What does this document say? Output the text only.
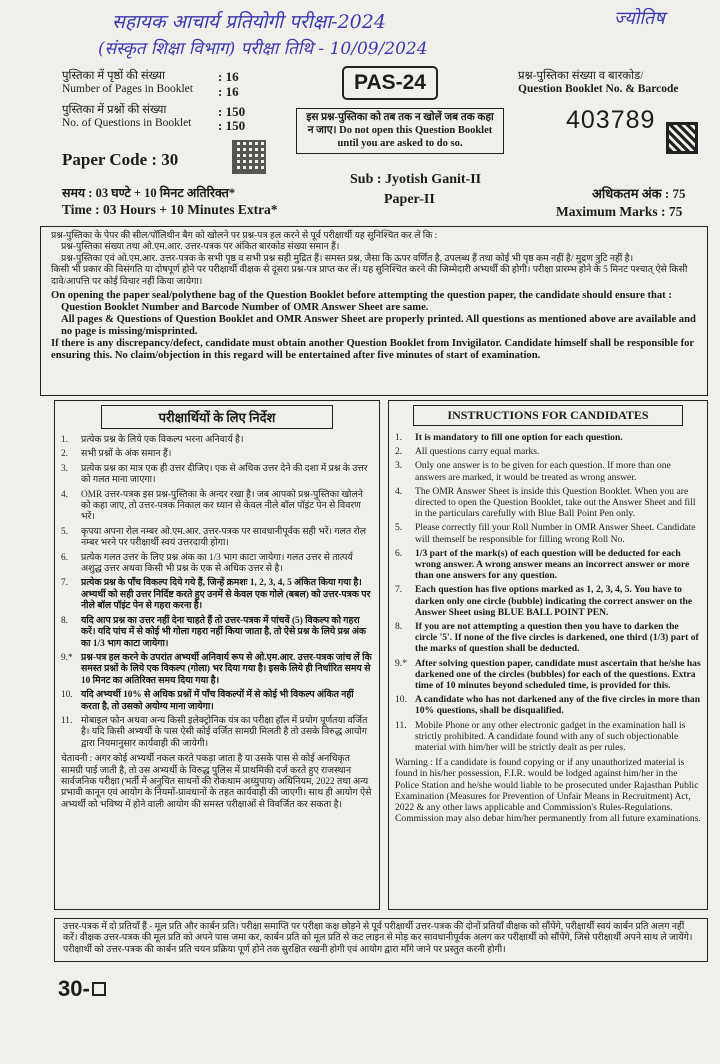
सहायक आचार्य प्रतियोगी परीक्षा-2024
(संस्कृत शिक्षा विभाग) परीक्षा तिथि - 10/09/2024
ज्योतिष
पुस्तिका में पृष्ठों की संख्या
Number of Pages in Booklet
: 16
: 16
पुस्तिका में प्रश्नों की संख्या
No. of Questions in Booklet
: 150
: 150
Paper Code : 30
PAS-24
इस प्रश्न-पुस्तिका को तब तक न खोलें जब तक कहा न जाए। Do not open this Question Booklet until you are asked to do so.
प्रश्न-पुस्तिका संख्या व बारकोड/
Question Booklet No. & Barcode
403789
समय : 03 घण्टे + 10 मिनट अतिरिक्त*
Time : 03 Hours + 10 Minutes Extra*
Sub : Jyotish Ganit-II
Paper-II	अधिकतम अंक : 75
Maximum Marks : 75
प्रश्न-पुस्तिका के पेपर की सील/पॉलिथीन बैग को खोलने पर प्रश्न-पत्र हल करने से पूर्व परीक्षार्थी यह सुनिश्चित कर लें कि :
प्रश्न-पुस्तिका संख्या तथा ओ.एम.आर. उत्तर-पत्रक पर अंकित बारकोड संख्या समान हैं।
प्रश्न-पुस्तिका एवं ओ.एम.आर. उत्तर-पत्रक के सभी पृष्ठ व सभी प्रश्न सही मुद्रित हैं। समस्त प्रश्न, जैसा कि ऊपर वर्णित है, उपलब्ध हैं तथा कोई भी पृष्ठ कम नहीं है/ मुद्रण त्रुटि नहीं है।
किसी भी प्रकार की विसंगति या दोषपूर्ण होने पर परीक्षार्थी वीक्षक से दूसरा प्रश्न-पत्र प्राप्त कर लें। यह सुनिश्चित करने की जिम्मेदारी अभ्यर्थी की होगी। परीक्षा प्रारम्भ होने के 5 मिनट पश्चात् ऐसे किसी दावे/आपत्ति पर कोई विचार नहीं किया जायेगा।
On opening the paper seal/polythene bag of the Question Booklet before attempting the question paper, the candidate should ensure that :
Question Booklet Number and Barcode Number of OMR Answer Sheet are same.
All pages & Questions of Question Booklet and OMR Answer Sheet are properly printed. All questions as mentioned above are available and no page is missing/misprinted.
If there is any discrepancy/defect, candidate must obtain another Question Booklet from Invigilator. Candidate himself shall be responsible for ensuring this. No claim/objection in this regard will be entertained after five minutes of start of examination.
परीक्षार्थियों के लिए निर्देश
1.	प्रत्येक प्रश्न के लिये एक विकल्प भरना अनिवार्य है।
2.	सभी प्रश्नों के अंक समान हैं।
3.	प्रत्येक प्रश्न का मात्र एक ही उत्तर दीजिए। एक से अधिक उत्तर देने की दशा में प्रश्न के उत्तर को गलत माना जाएगा।
4.	OMR उत्तर-पत्रक इस प्रश्न-पुस्तिका के अन्दर रखा है। जब आपको प्रश्न-पुस्तिका खोलने को कहा जाए, तो उत्तर-पत्रक निकाल कर ध्यान से केवल नीले बॉल पॉइंट पेन से विवरण भरें।
5.	कृपया अपना रोल नम्बर ओ.एम.आर. उत्तर-पत्रक पर सावधानीपूर्वक सही भरें। गलत रोल नम्बर भरने पर परीक्षार्थी स्वयं उत्तरदायी होगा।
6.	प्रत्येक गलत उत्तर के लिए प्रश्न अंक का 1/3 भाग काटा जायेगा। गलत उत्तर से तात्पर्य अशुद्ध उत्तर अथवा किसी भी प्रश्न के एक से अधिक उत्तर से है।
7.	प्रत्येक प्रश्न के पाँच विकल्प दिये गये हैं, जिन्हें क्रमशः 1, 2, 3, 4, 5 अंकित किया गया है। अभ्यर्थी को सही उत्तर निर्दिष्ट करते हुए उनमें से केवल एक गोले (बबल) को उत्तर-पत्रक पर नीले बॉल पॉइंट पेन से गहरा करना है।
8.	यदि आप प्रश्न का उत्तर नहीं देना चाहते हैं तो उत्तर-पत्रक में पांचवें (5) विकल्प को गहरा करें। यदि पांच में से कोई भी गोला गहरा नहीं किया जाता है, तो ऐसे प्रश्न के लिये प्रश्न अंक का 1/3 भाग काटा जायेगा।
9.* प्रश्न-पत्र हल करने के उपरांत अभ्यर्थी अनिवार्य रूप से ओ.एम.आर. उत्तर-पत्रक जांच लें कि समस्त प्रश्नों के लिये एक विकल्प (गोला) भर दिया गया है। इसके लिये ही निर्धारित समय से 10 मिनट का अतिरिक्त समय दिया गया है।
10. यदि अभ्यर्थी 10% से अधिक प्रश्नों में पाँच विकल्पों में से कोई भी विकल्प अंकित नहीं करता है, तो उसको अयोग्य माना जायेगा।
11. मोबाइल फोन अथवा अन्य किसी इलेक्ट्रोनिक यंत्र का परीक्षा हॉल में प्रयोग पूर्णतया वर्जित है। यदि किसी अभ्यर्थी के पास ऐसी कोई वर्जित सामग्री मिलती है तो उसके विरुद्ध आयोग द्वारा नियमानुसार कार्यवाही की जायेगी।
चेतावनी : अगर कोई अभ्यर्थी नकल करते पकड़ा जाता है या उसके पास से कोई अनधिकृत सामग्री पाई जाती है, तो उस अभ्यर्थी के विरुद्ध पुलिस में प्राथमिकी दर्ज करते हुए राजस्थान सार्वजनिक परीक्षा (भर्ती में अनुचित साधनों की रोकथाम अध्युपाय) अधिनियम, 2022 तथा अन्य प्रभावी कानून एवं आयोग के नियमों-प्रावधानों के तहत कार्यवाही की जाएगी। साथ ही आयोग ऐसे अभ्यर्थी को भविष्य में होने वाली आयोग की समस्त परीक्षाओं से विवर्जित कर सकता है।
INSTRUCTIONS FOR CANDIDATES
1.	It is mandatory to fill one option for each question.
2.	All questions carry equal marks.
3.	Only one answer is to be given for each question. If more than one answers are marked, it would be treated as wrong answer.
4.	The OMR Answer Sheet is inside this Question Booklet. When you are directed to open the Question Booklet, take out the Answer Sheet and fill in the particulars carefully with Blue Ball Point Pen only.
5.	Please correctly fill your Roll Number in OMR Answer Sheet. Candidate will themself be responsible for filling wrong Roll No.
6.	1/3 part of the mark(s) of each question will be deducted for each wrong answer. A wrong answer means an incorrect answer or more than one answers for any question.
7.	Each question has five options marked as 1, 2, 3, 4, 5. You have to darken only one circle (bubble) indicating the correct answer on the Answer Sheet using BLUE BALL POINT PEN.
8.	If you are not attempting a question then you have to darken the circle '5'. If none of the five circles is darkened, one third (1/3) part of the marks of question shall be deducted.
9.* After solving question paper, candidate must ascertain that he/she has darkened one of the circles (bubbles) for each of the questions. Extra time of 10 minutes beyond scheduled time, is provided for this.
10. A candidate who has not darkened any of the five circles in more than 10% questions, shall be disqualified.
11. Mobile Phone or any other electronic gadget in the examination hall is strictly prohibited. A candidate found with any of such objectionable material with him/her will be strictly dealt as per rules.
Warning : If a candidate is found copying or if any unauthorized material is found in his/her possession, F.I.R. would be lodged against him/her in the Police Station and he/she would liable to be prosecuted under Rajasthan Public Examination (Measures for Prevention of Unfair Means in Recruitment) Act, 2022 & any other laws applicable and Commission's Rules-Regulations. Commission may also debar him/her permanently from all future examinations.
उत्तर-पत्रक में दो प्रतियाँ हैं - मूल प्रति और कार्बन प्रति। परीक्षा समाप्ति पर परीक्षा कक्ष छोड़ने से पूर्व परीक्षार्थी उत्तर-पत्रक की दोनों प्रतियाँ वीक्षक को सौंपेंगे, परीक्षार्थी स्वयं कार्बन प्रति अलग नहीं करें। वीक्षक उत्तर-पत्रक की मूल प्रति को अपने पास जमा कर, कार्बन प्रति को मूल प्रति से कट लाइन से मोड़ कर सावधानीपूर्वक अलग कर परीक्षार्थी को सौंपेंगे, जिसे परीक्षार्थी अपने साथ ले जायेंगे। परीक्षार्थी को उत्तर-पत्रक की कार्बन प्रति चयन प्रक्रिया पूर्ण होने तक सुरक्षित रखनी होगी एवं आयोग द्वारा माँगे जाने पर प्रस्तुत करनी होगी।
30-
